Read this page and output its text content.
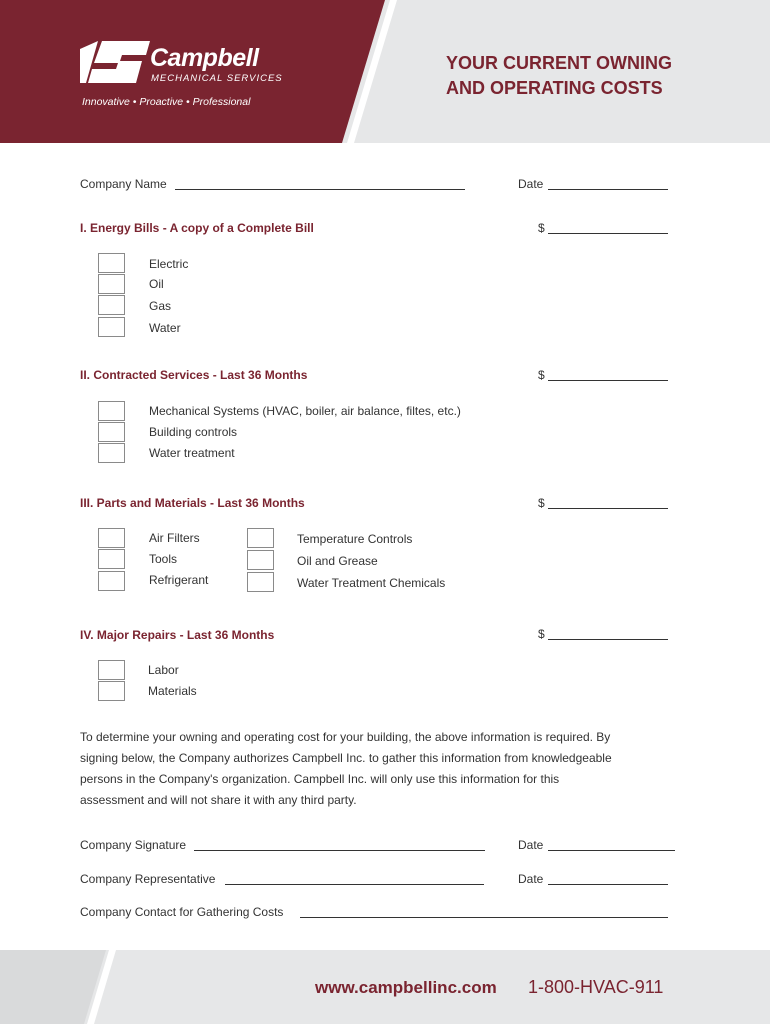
Campbell
MECHANICAL SERVICES
Innovative • Proactive • Professional
YOUR CURRENT OWNING
AND OPERATING COSTS
Company Name	Date
I. Energy Bills - A copy of a Complete Bill	$
Electric
Oil
Gas
Water
II. Contracted Services - Last 36 Months	$
Mechanical Systems (HVAC, boiler, air balance, filtes, etc.)
Building controls
Water treatment
III. Parts and Materials - Last 36 Months	$
Air Filters
Tools
Refrigerant
Temperature Controls
Oil and Grease
Water Treatment Chemicals
IV. Major Repairs - Last 36 Months	$
Labor
Materials
To determine your owning and operating cost for your building, the above information is required. By
signing below, the Company authorizes Campbell Inc. to gather this information from knowledgeable
persons in the Company's organization. Campbell Inc. will only use this information for this
assessment and will not share it with any third party.
Company Signature	Date
Company Representative	Date
Company Contact for Gathering Costs
www.campbellinc.com 1-800-HVAC-911
